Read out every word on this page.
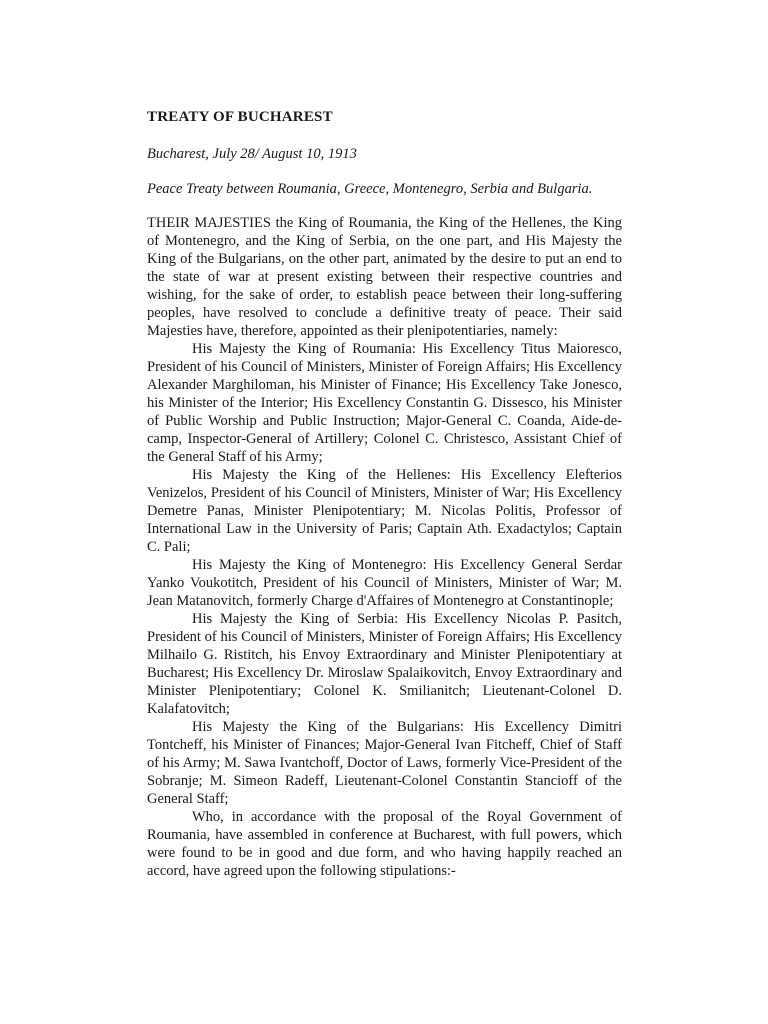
TREATY OF BUCHAREST
Bucharest, July 28/ August 10, 1913
Peace Treaty between Roumania, Greece, Montenegro, Serbia and Bulgaria.

THEIR MAJESTIES the King of Roumania, the King of the Hellenes, the King of Montenegro, and the King of Serbia, on the one part, and His Majesty the King of the Bulgarians, on the other part, animated by the desire to put an end to the state of war at present existing between their respective countries and wishing, for the sake of order, to establish peace between their long-suffering peoples, have resolved to conclude a definitive treaty of peace. Their said Majesties have, therefore, appointed as their plenipotentiaries, namely:

His Majesty the King of Roumania: His Excellency Titus Maioresco, President of his Council of Ministers, Minister of Foreign Affairs; His Excellency Alexander Marghiloman, his Minister of Finance; His Excellency Take Jonesco, his Minister of the Interior; His Excellency Constantin G. Dissesco, his Minister of Public Worship and Public Instruction; Major-General C. Coanda, Aide-de-camp, Inspector-General of Artillery; Colonel C. Christesco, Assistant Chief of the General Staff of his Army;

His Majesty the King of the Hellenes: His Excellency Elefterios Venizelos, President of his Council of Ministers, Minister of War; His Excellency Demetre Panas, Minister Plenipotentiary; M. Nicolas Politis, Professor of International Law in the University of Paris; Captain Ath. Exadactylos; Captain C. Pali;

His Majesty the King of Montenegro: His Excellency General Serdar Yanko Voukotitch, President of his Council of Ministers, Minister of War; M. Jean Matanovitch, formerly Charge d'Affaires of Montenegro at Constantinople;

His Majesty the King of Serbia: His Excellency Nicolas P. Pasitch, President of his Council of Ministers, Minister of Foreign Affairs; His Excellency Milhailo G. Ristitch, his Envoy Extraordinary and Minister Plenipotentiary at Bucharest; His Excellency Dr. Miroslaw Spalaikovitch, Envoy Extraordinary and Minister Plenipotentiary; Colonel K. Smilianitch; Lieutenant-Colonel D. Kalafatovitch;

His Majesty the King of the Bulgarians: His Excellency Dimitri Tontcheff, his Minister of Finances; Major-General Ivan Fitcheff, Chief of Staff of his Army; M. Sawa Ivantchoff, Doctor of Laws, formerly Vice-President of the Sobranje; M. Simeon Radeff, Lieutenant-Colonel Constantin Stancioff of the General Staff;

Who, in accordance with the proposal of the Royal Government of Roumania, have assembled in conference at Bucharest, with full powers, which were found to be in good and due form, and who having happily reached an accord, have agreed upon the following stipulations:-
